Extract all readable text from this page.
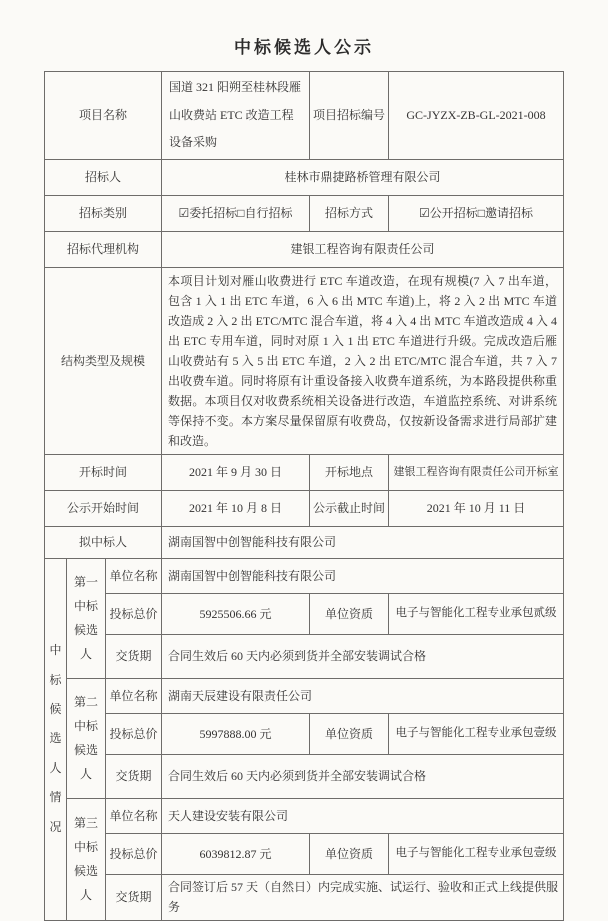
中标候选人公示
项目名称			国道 321 阳朔至桂林段雁山收费站 ETC 改造工程设备采购	项目招标编号	GC-JYZX-ZB-GL-2021-008
招标人			桂林市鼎捷路桥管理有限公司		
招标类别			☑委托招标□自行招标	招标方式	☑公开招标□邀请招标
招标代理机构			建银工程咨询有限责任公司		
结构类型及规模			本项目计划对雁山收费进行 ETC 车道改造，在现有规模(7 入 7 出车道，包含 1 入 1 出 ETC 车道，6 入 6 出 MTC 车道)上，将 2 入 2 出 MTC 车道改造成 2 入 2 出 ETC/MTC 混合车道，将 4 入 4 出 MTC 车道改造成 4 入 4 出 ETC 专用车道，同时对原 1 入 1 出 ETC 车道进行升级。完成改造后雁山收费站有 5 入 5 出 ETC 车道，2 入 2 出 ETC/MTC 混合车道，共 7 入 7 出收费车道。同时将原有计重设备接入收费车道系统，为本路段提供称重数据。本项目仅对收费系统相关设备进行改造，车道监控系统、对讲系统等保持不变。本方案尽量保留原有收费岛，仅按新设备需求进行局部扩建和改造。		
开标时间			2021 年 9 月 30 日	开标地点	建银工程咨询有限责任公司开标室
公示开始时间			2021 年 10 月 8 日	公示截止时间	2021 年 10 月 11 日
拟中标人			湖南国智中创智能科技有限公司		
中标候选人情况	第一中标候选人	单位名称	湖南国智中创智能科技有限公司		
		投标总价	5925506.66 元	单位资质	电子与智能化工程专业承包贰级
		交货期	合同生效后 60 天内必须到货并全部安装调试合格		
	第二中标候选人	单位名称	湖南天辰建设有限责任公司		
		投标总价	5997888.00 元	单位资质	电子与智能化工程专业承包壹级
		交货期	合同生效后 60 天内必须到货并全部安装调试合格		
	第三中标候选人	单位名称	天人建设安装有限公司		
		投标总价	6039812.87 元	单位资质	电子与智能化工程专业承包壹级
		交货期	合同签订后 57 天（自然日）内完成实施、试运行、验收和正式上线提供服务		
